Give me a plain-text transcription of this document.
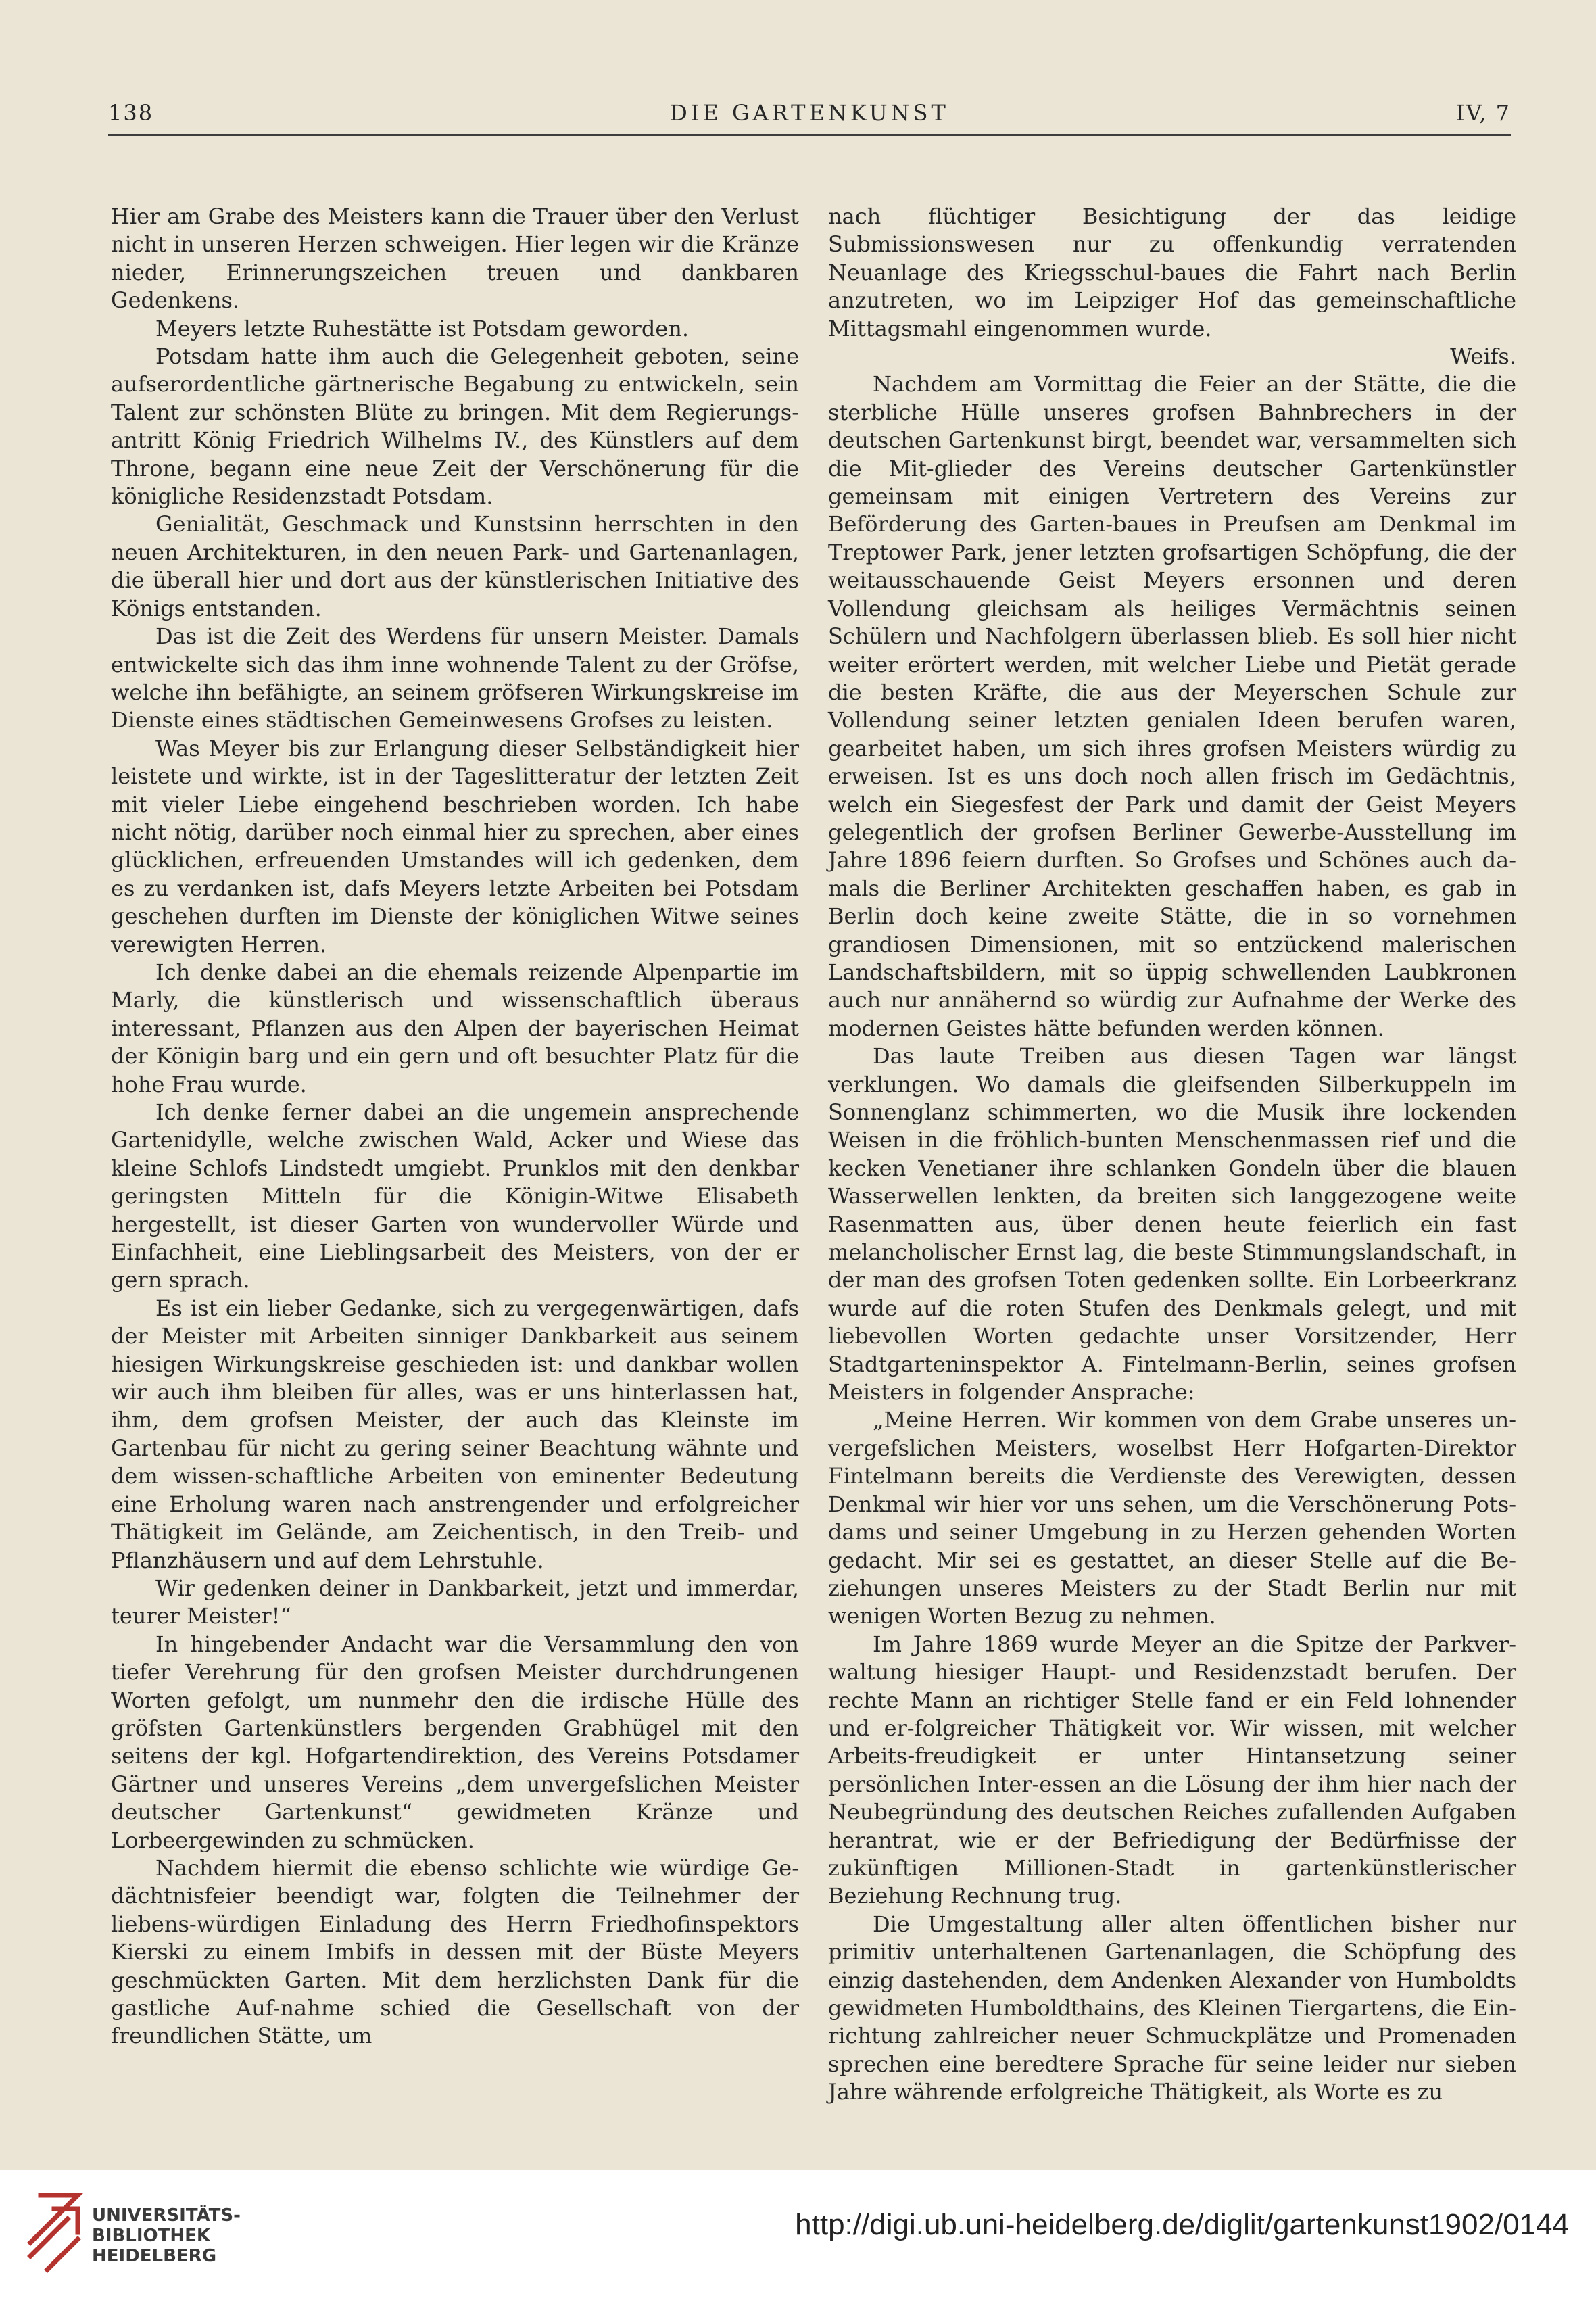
138	DIE GARTENKUNST	IV, 7

Hier am Grabe des Meisters kann die Trauer über den Verlust nicht in unseren Herzen schweigen. Hier legen wir die Kränze nieder, Erinnerungszeichen treuen und dankbaren Gedenkens.

Meyers letzte Ruhestätte ist Potsdam geworden.

Potsdam hatte ihm auch die Gelegenheit geboten, seine aufserordentliche gärtnerische Begabung zu entwickeln, sein Talent zur schönsten Blüte zu bringen. Mit dem Regierungs-antritt König Friedrich Wilhelms IV., des Künstlers auf dem Throne, begann eine neue Zeit der Verschönerung für die königliche Residenzstadt Potsdam.

Genialität, Geschmack und Kunstsinn herrschten in den neuen Architekturen, in den neuen Park- und Gartenanlagen, die überall hier und dort aus der künstlerischen Initiative des Königs entstanden.

Das ist die Zeit des Werdens für unsern Meister. Damals entwickelte sich das ihm inne wohnende Talent zu der Gröfse, welche ihn befähigte, an seinem gröfseren Wirkungskreise im Dienste eines städtischen Gemeinwesens Grofses zu leisten.

Was Meyer bis zur Erlangung dieser Selbständigkeit hier leistete und wirkte, ist in der Tageslitteratur der letzten Zeit mit vieler Liebe eingehend beschrieben worden. Ich habe nicht nötig, darüber noch einmal hier zu sprechen, aber eines glücklichen, erfreuenden Umstandes will ich gedenken, dem es zu verdanken ist, dafs Meyers letzte Arbeiten bei Potsdam geschehen durften im Dienste der königlichen Witwe seines verewigten Herren.

Ich denke dabei an die ehemals reizende Alpenpartie im Marly, die künstlerisch und wissenschaftlich überaus interessant, Pflanzen aus den Alpen der bayerischen Heimat der Königin barg und ein gern und oft besuchter Platz für die hohe Frau wurde.

Ich denke ferner dabei an die ungemein ansprechende Gartenidylle, welche zwischen Wald, Acker und Wiese das kleine Schlofs Lindstedt umgiebt. Prunklos mit den denkbar geringsten Mitteln für die Königin-Witwe Elisabeth hergestellt, ist dieser Garten von wundervoller Würde und Einfachheit, eine Lieblingsarbeit des Meisters, von der er gern sprach.

Es ist ein lieber Gedanke, sich zu vergegenwärtigen, dafs der Meister mit Arbeiten sinniger Dankbarkeit aus seinem hiesigen Wirkungskreise geschieden ist: und dankbar wollen wir auch ihm bleiben für alles, was er uns hinterlassen hat, ihm, dem grofsen Meister, der auch das Kleinste im Gartenbau für nicht zu gering seiner Beachtung wähnte und dem wissen-schaftliche Arbeiten von eminenter Bedeutung eine Erholung waren nach anstrengender und erfolgreicher Thätigkeit im Gelände, am Zeichentisch, in den Treib- und Pflanzhäusern und auf dem Lehrstuhle.

Wir gedenken deiner in Dankbarkeit, jetzt und immerdar, teurer Meister!“

In hingebender Andacht war die Versammlung den von tiefer Verehrung für den grofsen Meister durchdrungenen Worten gefolgt, um nunmehr den die irdische Hülle des gröfsten Gartenkünstlers bergenden Grabhügel mit den seitens der kgl. Hofgartendirektion, des Vereins Potsdamer Gärtner und unseres Vereins „dem unvergefslichen Meister deutscher Gartenkunst“ gewidmeten Kränze und Lorbeergewinden zu schmücken.

Nachdem hiermit die ebenso schlichte wie würdige Ge-dächtnisfeier beendigt war, folgten die Teilnehmer der liebens-würdigen Einladung des Herrn Friedhofinspektors Kierski zu einem Imbifs in dessen mit der Büste Meyers geschmückten Garten. Mit dem herzlichsten Dank für die gastliche Auf-nahme schied die Gesellschaft von der freundlichen Stätte, um

nach flüchtiger Besichtigung der das leidige Submissionswesen nur zu offenkundig verratenden Neuanlage des Kriegsschul-baues die Fahrt nach Berlin anzutreten, wo im Leipziger Hof das gemeinschaftliche Mittagsmahl eingenommen wurde.

Weifs.

Nachdem am Vormittag die Feier an der Stätte, die die sterbliche Hülle unseres grofsen Bahnbrechers in der deutschen Gartenkunst birgt, beendet war, versammelten sich die Mit-glieder des Vereins deutscher Gartenkünstler gemeinsam mit einigen Vertretern des Vereins zur Beförderung des Garten-baues in Preufsen am Denkmal im Treptower Park, jener letzten grofsartigen Schöpfung, die der weitausschauende Geist Meyers ersonnen und deren Vollendung gleichsam als heiliges Vermächtnis seinen Schülern und Nachfolgern überlassen blieb. Es soll hier nicht weiter erörtert werden, mit welcher Liebe und Pietät gerade die besten Kräfte, die aus der Meyerschen Schule zur Vollendung seiner letzten genialen Ideen berufen waren, gearbeitet haben, um sich ihres grofsen Meisters würdig zu erweisen. Ist es uns doch noch allen frisch im Gedächtnis, welch ein Siegesfest der Park und damit der Geist Meyers gelegentlich der grofsen Berliner Gewerbe-Ausstellung im Jahre 1896 feiern durften. So Grofses und Schönes auch da-mals die Berliner Architekten geschaffen haben, es gab in Berlin doch keine zweite Stätte, die in so vornehmen grandiosen Dimensionen, mit so entzückend malerischen Landschaftsbildern, mit so üppig schwellenden Laubkronen auch nur annähernd so würdig zur Aufnahme der Werke des modernen Geistes hätte befunden werden können.

Das laute Treiben aus diesen Tagen war längst verklungen. Wo damals die gleifsenden Silberkuppeln im Sonnenglanz schimmerten, wo die Musik ihre lockenden Weisen in die fröhlich-bunten Menschenmassen rief und die kecken Venetianer ihre schlanken Gondeln über die blauen Wasserwellen lenkten, da breiten sich langgezogene weite Rasenmatten aus, über denen heute feierlich ein fast melancholischer Ernst lag, die beste Stimmungslandschaft, in der man des grofsen Toten gedenken sollte. Ein Lorbeerkranz wurde auf die roten Stufen des Denkmals gelegt, und mit liebevollen Worten gedachte unser Vorsitzender, Herr Stadtgarteninspektor A. Fintelmann-Berlin, seines grofsen Meisters in folgender Ansprache:

„Meine Herren. Wir kommen von dem Grabe unseres un-vergefslichen Meisters, woselbst Herr Hofgarten-Direktor Fintelmann bereits die Verdienste des Verewigten, dessen Denkmal wir hier vor uns sehen, um die Verschönerung Pots-dams und seiner Umgebung in zu Herzen gehenden Worten gedacht. Mir sei es gestattet, an dieser Stelle auf die Be-ziehungen unseres Meisters zu der Stadt Berlin nur mit wenigen Worten Bezug zu nehmen.

Im Jahre 1869 wurde Meyer an die Spitze der Parkver-waltung hiesiger Haupt- und Residenzstadt berufen. Der rechte Mann an richtiger Stelle fand er ein Feld lohnender und er-folgreicher Thätigkeit vor. Wir wissen, mit welcher Arbeits-freudigkeit er unter Hintansetzung seiner persönlichen Inter-essen an die Lösung der ihm hier nach der Neubegründung des deutschen Reiches zufallenden Aufgaben herantrat, wie er der Befriedigung der Bedürfnisse der zukünftigen Millionen-Stadt in gartenkünstlerischer Beziehung Rechnung trug.

Die Umgestaltung aller alten öffentlichen bisher nur primitiv unterhaltenen Gartenanlagen, die Schöpfung des einzig dastehenden, dem Andenken Alexander von Humboldts gewidmeten Humboldthains, des Kleinen Tiergartens, die Ein-richtung zahlreicher neuer Schmuckplätze und Promenaden sprechen eine beredtere Sprache für seine leider nur sieben Jahre währende erfolgreiche Thätigkeit, als Worte es zu

UNIVERSITÄTS-
BIBLIOTHEK
HEIDELBERG
http://digi.ub.uni-heidelberg.de/diglit/gartenkunst1902/0144
